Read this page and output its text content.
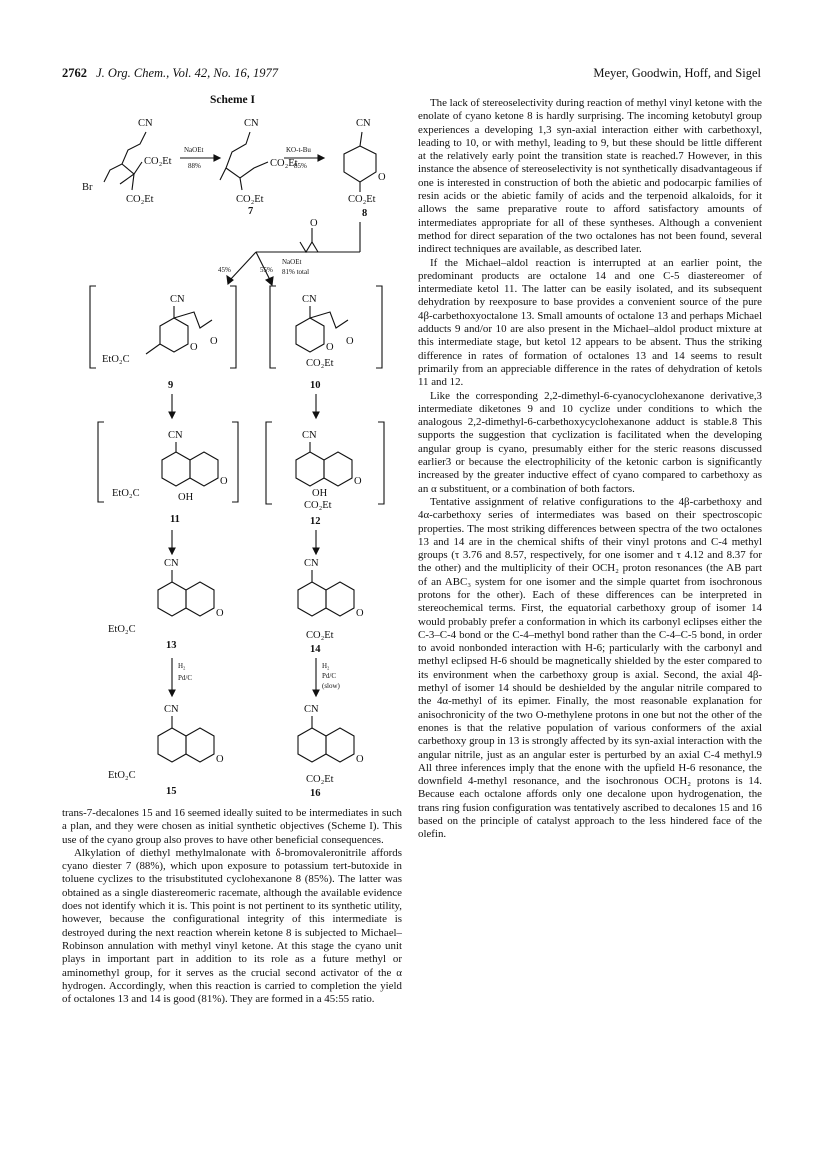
2762 J. Org. Chem., Vol. 42, No. 16, 1977	Meyer, Goodwin, Hoff, and Sigel
Scheme I
CN
CO₂Et
CO₂Et
Br
NaOEt
88%
CN
CO₂Et
CO₂Et
7
KO-t-Bu
85%
CN
O
CO₂Et
8
O
NaOEt
81% total
45%	55%
CN
O
O
EtO₂C
9
CN
O
O
CO₂Et
10
CN
O
OH
EtO₂C
11
CN
O
OH
CO₂Et
12
CN
O
EtO₂C
13
CN
O
CO₂Et
14
H₂
Pd/C
H₂
Pd/C
(slow)
CN
O
EtO₂C
15
CN
O
CO₂Et
16

trans-7-decalones 15 and 16 seemed ideally suited to be intermediates in such a plan, and they were chosen as initial synthetic objectives (Scheme I). This use of the cyano group also proves to have other beneficial consequences.

Alkylation of diethyl methylmalonate with δ-bromovaleronitrile affords cyano diester 7 (88%), which upon exposure to potassium tert-butoxide in toluene cyclizes to the trisubstituted cyclohexanone 8 (85%). The latter was obtained as a single diastereomeric racemate, although the available evidence does not identify which it is. This point is not pertinent to its synthetic utility, however, because the configurational integrity of this intermediate is destroyed during the next reaction wherein ketone 8 is subjected to Michael–Robinson annulation with methyl vinyl ketone. At this stage the cyano unit plays in important part in addition to its role as a future methyl or aminomethyl group, for it serves as the crucial second activator of the α hydrogen. Accordingly, when this reaction is carried to completion the yield of octalones 13 and 14 is good (81%). They are formed in a 45:55 ratio.

The lack of stereoselectivity during reaction of methyl vinyl ketone with the enolate of cyano ketone 8 is hardly surprising. The incoming ketobutyl group experiences a developing 1,3 syn-axial interaction either with carbethoxyl, leading to 10, or with methyl, leading to 9, but these should be little different at the relatively early point the transition state is reached.7 However, in this instance the absence of stereoselectivity is not synthetically disadvantageous if one is interested in construction of both the abietic and podocarpic families of resin acids or the abietic family of acids and the terpenoid alkaloids, for it allows the same preparative route to afford satisfactory amounts of intermediates appropriate for all of these syntheses. Although a convenient method for direct separation of the two octalones has not been found, several indirect techniques are available, as described later.

If the Michael–aldol reaction is interrupted at an earlier point, the predominant products are octalone 14 and one C-5 diastereomer of intermediate ketol 11. The latter can be easily isolated, and its subsequent dehydration by reexposure to base provides a convenient source of the pure 4β-carbethoxyoctalone 13. Small amounts of octalone 13 and perhaps Michael adducts 9 and/or 10 are also present in the Michael–aldol product mixture at this intermediate stage, but ketol 12 appears to be absent. Thus the striking difference in rates of formation of octalones 13 and 14 seems to result primarily from an appreciable difference in the rates of dehydration of ketols 11 and 12.

Like the corresponding 2,2-dimethyl-6-cyanocyclohexanone derivative,3 intermediate diketones 9 and 10 cyclize under conditions to which the analogous 2,2-dimethyl-6-carbethoxycyclohexanone adduct is stable.8 This supports the suggestion that cyclization is facilitated when the developing angular group is cyano, presumably either for the steric reasons discussed earlier3 or because the electrophilicity of the ketonic carbon is significantly increased by the greater inductive effect of cyano compared to carbethoxy as an α substituent, or a combination of both factors.

Tentative assignment of relative configurations to the 4β-carbethoxy and 4α-carbethoxy series of intermediates was based on their spectroscopic properties. The most striking differences between spectra of the two octalones 13 and 14 are in the chemical shifts of their vinyl protons and C-4 methyl groups (τ 3.76 and 8.57, respectively, for one isomer and τ 4.12 and 8.37 for the other) and the multiplicity of their OCH₂ proton resonances (the AB part of an ABC₃ system for one isomer and the simple quartet from isochronous protons for the other). Each of these differences can be interpreted in stereochemical terms. First, the equatorial carbethoxy group of isomer 14 would probably prefer a conformation in which its carbonyl eclipses either the C-3–C-4 bond or the C-4–methyl bond rather than the C-4–C-5 bond, in order to avoid nonbonded interaction with H-6; particularly with the carbonyl and methyl eclipsed H-6 should be magnetically shielded by the ester compared to its environment when the carbethoxy group is axial. Second, the axial 4β-methyl of isomer 14 should be deshielded by the angular nitrile compared to the 4α-methyl of its epimer. Finally, the most reasonable explanation for anisochronicity of the two O-methylene protons in one but not the other of the enones is that the relative population of various conformers of the axial carbethoxy group in 13 is strongly affected by its syn-axial interaction with the angular nitrile, just as an angular ester is perturbed by an axial C-4 methyl.9 All three inferences imply that the enone with the upfield H-6 resonance, the downfield 4-methyl resonance, and the isochronous OCH₂ protons is 14. Because each octalone affords only one decalone upon hydrogenation, the trans ring fusion configuration was tentatively ascribed to decalones 15 and 16 based on the principle of catalyst approach to the less hindered face of the olefin.
